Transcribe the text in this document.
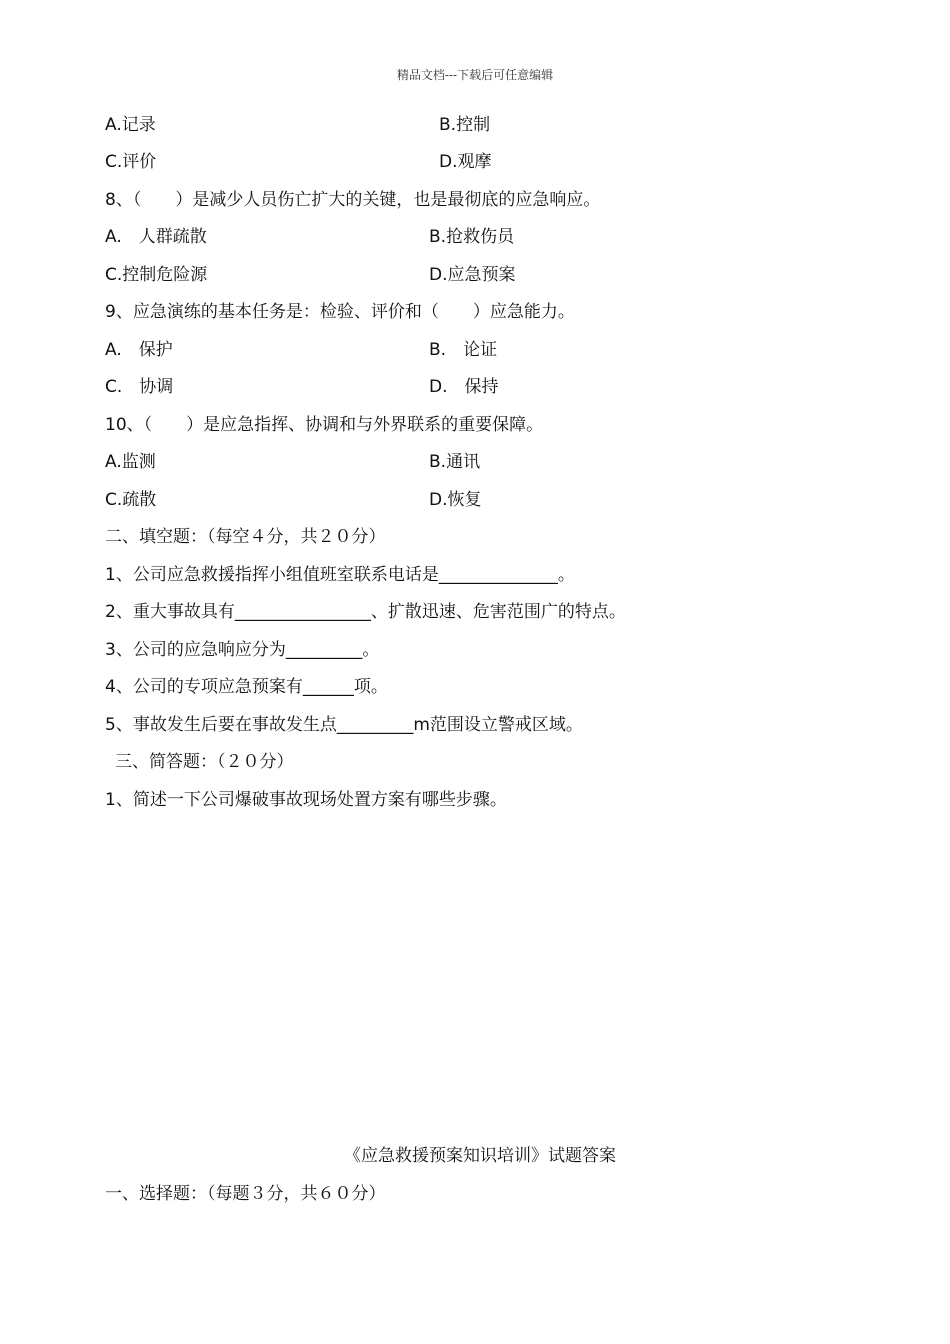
精品文档---下载后可任意编辑
A.记录	B.控制
C.评价	D.观摩
8、（　　）是减少人员伤亡扩大的关键，也是最彻底的应急响应。
A.　人群疏散	B.抢救伤员
C.控制危险源	D.应急预案
9、应急演练的基本任务是：检验、评价和（　　）应急能力。
A.　保护	B.　论证
C.　协调	D.　保持
10、（　　）是应急指挥、协调和与外界联系的重要保障。
A.监测	B.通讯
C.疏散	D.恢复
二、填空题：（每空４分，共２０分）
1、公司应急救援指挥小组值班室联系电话是______________。
2、重大事故具有________________、扩散迅速、危害范围广的特点。
3、公司的应急响应分为_________。
4、公司的专项应急预案有______项。
5、事故发生后要在事故发生点_________m范围设立警戒区域。
三、简答题：（２０分）
1、简述一下公司爆破事故现场处置方案有哪些步骤。
《应急救援预案知识培训》试题答案
一、选择题：（每题３分，共６０分）
